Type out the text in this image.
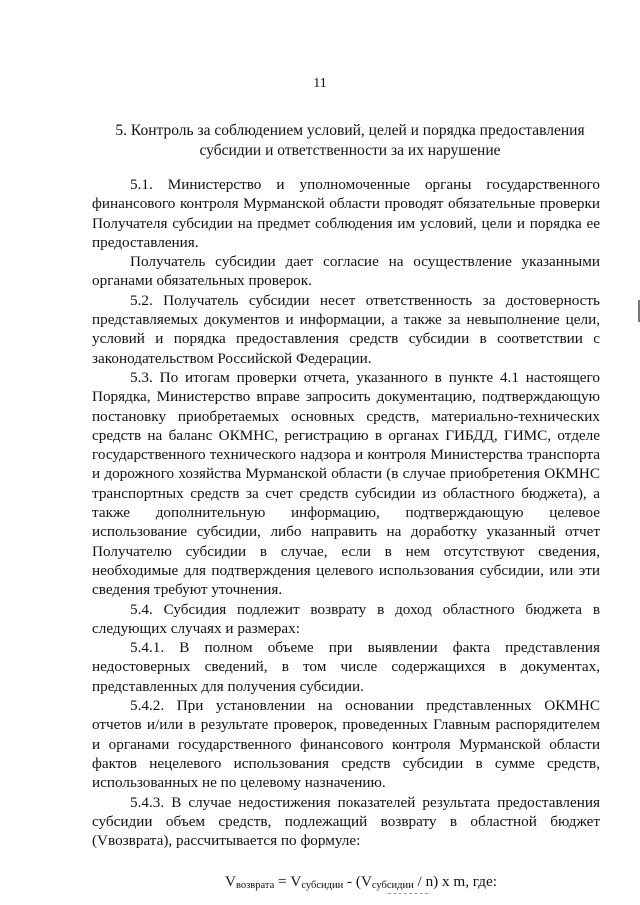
11
5. Контроль за соблюдением условий, целей и порядка предоставления
субсидии и ответственности за их нарушение

5.1. Министерство и уполномоченные органы государственного финансового контроля Мурманской области проводят обязательные проверки Получателя субсидии на предмет соблюдения им условий, цели и порядка ее предоставления.

Получатель субсидии дает согласие на осуществление указанными органами обязательных проверок.

5.2. Получатель субсидии несет ответственность за достоверность представляемых документов и информации, а также за невыполнение цели, условий и порядка предоставления средств субсидии в соответствии с законодательством Российской Федерации.

5.3. По итогам проверки отчета, указанного в пункте 4.1 настоящего Порядка, Министерство вправе запросить документацию, подтверждающую постановку приобретаемых основных средств, материально-технических средств на баланс ОКМНС, регистрацию в органах ГИБДД, ГИМС, отделе государственного технического надзора и контроля Министерства транспорта и дорожного хозяйства Мурманской области (в случае приобретения ОКМНС транспортных средств за счет средств субсидии из областного бюджета), а также дополнительную информацию, подтверждающую целевое использование субсидии, либо направить на доработку указанный отчет Получателю субсидии в случае, если в нем отсутствуют сведения, необходимые для подтверждения целевого использования субсидии, или эти сведения требуют уточнения.

5.4. Субсидия подлежит возврату в доход областного бюджета в следующих случаях и размерах:

5.4.1. В полном объеме при выявлении факта представления недостоверных сведений, в том числе содержащихся в документах, представленных для получения субсидии.

5.4.2. При установлении на основании представленных ОКМНС отчетов и/или в результате проверок, проведенных Главным распорядителем и органами государственного финансового контроля Мурманской области фактов нецелевого использования средств субсидии в сумме средств, использованных не по целевому назначению.

5.4.3. В случае недостижения показателей результата предоставления субсидии объем средств, подлежащий возврату в областной бюджет (Vвозврата), рассчитывается по формуле:

$V_{возврата} = V_{субсидии} - (V_{субсидии} / n)$ x m, где:
